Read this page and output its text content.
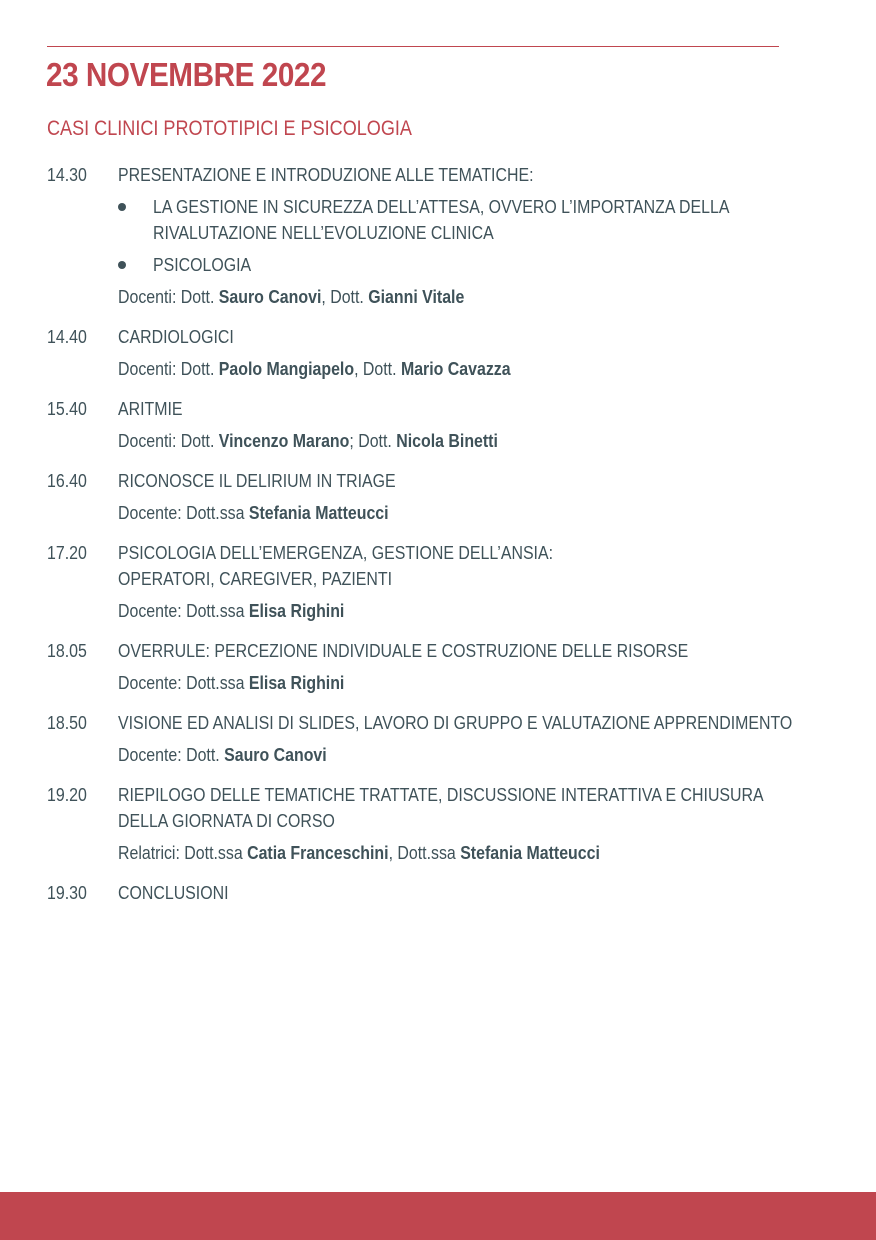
23 NOVEMBRE 2022
CASI CLINICI PROTOTIPICI E PSICOLOGIA
14.30 PRESENTAZIONE E INTRODUZIONE ALLE TEMATICHE:
LA GESTIONE IN SICUREZZA DELL’ATTESA, OVVERO L’IMPORTANZA DELLA
RIVALUTAZIONE NELL’EVOLUZIONE CLINICA
PSICOLOGIA
Docenti: Dott. Sauro Canovi, Dott. Gianni Vitale
14.40 CARDIOLOGICI
Docenti: Dott. Paolo Mangiapelo, Dott. Mario Cavazza
15.40 ARITMIE
Docenti: Dott. Vincenzo Marano; Dott. Nicola Binetti
16.40 RICONOSCE IL DELIRIUM IN TRIAGE
Docente: Dott.ssa Stefania Matteucci
17.20 PSICOLOGIA DELL’EMERGENZA, GESTIONE DELL’ANSIA:
OPERATORI, CAREGIVER, PAZIENTI
Docente: Dott.ssa Elisa Righini
18.05 OVERRULE: PERCEZIONE INDIVIDUALE E COSTRUZIONE DELLE RISORSE
Docente: Dott.ssa Elisa Righini
18.50 VISIONE ED ANALISI DI SLIDES, LAVORO DI GRUPPO E VALUTAZIONE APPRENDIMENTO
Docente: Dott. Sauro Canovi
19.20 RIEPILOGO DELLE TEMATICHE TRATTATE, DISCUSSIONE INTERATTIVA E CHIUSURA
DELLA GIORNATA DI CORSO
Relatrici: Dott.ssa Catia Franceschini, Dott.ssa Stefania Matteucci
19.30 CONCLUSIONI
